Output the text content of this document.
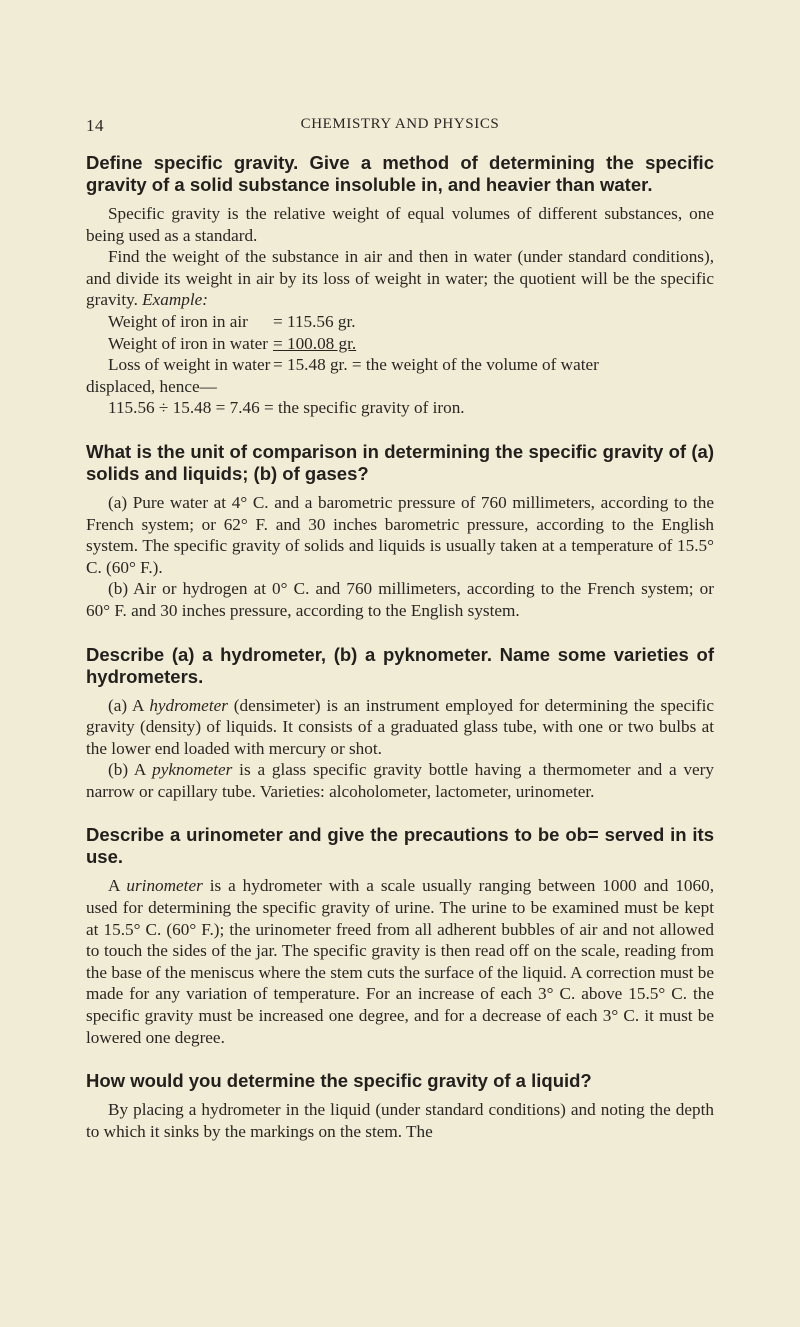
14	CHEMISTRY AND PHYSICS
Define specific gravity. Give a method of determining the specific gravity of a solid substance insoluble in, and heavier than water.

Specific gravity is the relative weight of equal volumes of different substances, one being used as a standard.

Find the weight of the substance in air and then in water (under standard conditions), and divide its weight in air by its loss of weight in water; the quotient will be the specific gravity. Example:

Weight of iron in air = 115.56 gr.
Weight of iron in water = 100.08 gr.
Loss of weight in water = 15.48 gr. = the weight of the volume of water

displaced, hence—

115.56 ÷ 15.48 = 7.46 = the specific gravity of iron.

What is the unit of comparison in determining the specific gravity of (a) solids and liquids; (b) of gases?

(a) Pure water at 4° C. and a barometric pressure of 760 millimeters, according to the French system; or 62° F. and 30 inches barometric pressure, according to the English system. The specific gravity of solids and liquids is usually taken at a temperature of 15.5° C. (60° F.).

(b) Air or hydrogen at 0° C. and 760 millimeters, according to the French system; or 60° F. and 30 inches pressure, according to the English system.

Describe (a) a hydrometer, (b) a pyknometer. Name some varieties of hydrometers.

(a) A hydrometer (densimeter) is an instrument employed for determining the specific gravity (density) of liquids. It consists of a graduated glass tube, with one or two bulbs at the lower end loaded with mercury or shot.

(b) A pyknometer is a glass specific gravity bottle having a thermometer and a very narrow or capillary tube. Varieties: alcoholometer, lactometer, urinometer.

Describe a urinometer and give the precautions to be ob= served in its use.

A urinometer is a hydrometer with a scale usually ranging between 1000 and 1060, used for determining the specific gravity of urine. The urine to be examined must be kept at 15.5° C. (60° F.); the urinometer freed from all adherent bubbles of air and not allowed to touch the sides of the jar. The specific gravity is then read off on the scale, reading from the base of the meniscus where the stem cuts the surface of the liquid. A correction must be made for any variation of temperature. For an increase of each 3° C. above 15.5° C. the specific gravity must be increased one degree, and for a decrease of each 3° C. it must be lowered one degree.

How would you determine the specific gravity of a liquid?

By placing a hydrometer in the liquid (under standard conditions) and noting the depth to which it sinks by the markings on the stem. The
